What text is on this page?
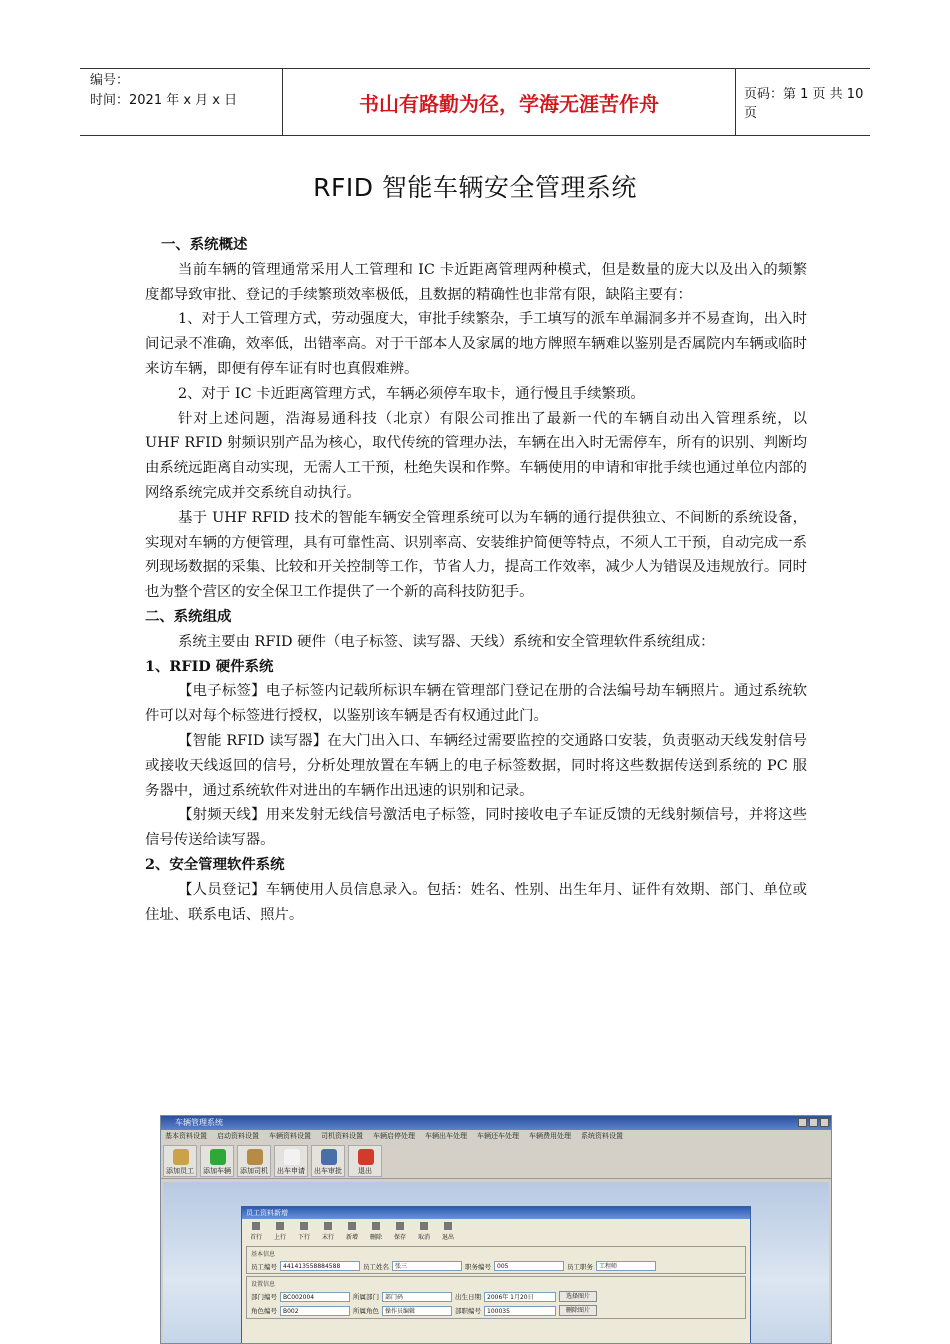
编号：
时间：2021 年 x 月 x 日	书山有路勤为径，学海无涯苦作舟	页码：第 1 页 共 10 页
RFID 智能车辆安全管理系统

一、系统概述

当前车辆的管理通常采用人工管理和 IC 卡近距离管理两种模式，但是数量的庞大以及出入的频繁度都导致审批、登记的手续繁琐效率极低，且数据的精确性也非常有限，缺陷主要有：

1、对于人工管理方式，劳动强度大，审批手续繁杂，手工填写的派车单漏洞多并不易查询，出入时间记录不准确，效率低，出错率高。对于干部本人及家属的地方牌照车辆难以鉴别是否属院内车辆或临时来访车辆，即便有停车证有时也真假难辨。

2、对于 IC 卡近距离管理方式，车辆必须停车取卡，通行慢且手续繁琐。

针对上述问题，浩海易通科技（北京）有限公司推出了最新一代的车辆自动出入管理系统，以 UHF RFID 射频识别产品为核心，取代传统的管理办法，车辆在出入时无需停车，所有的识别、判断均由系统远距离自动实现，无需人工干预，杜绝失误和作弊。车辆使用的申请和审批手续也通过单位内部的网络系统完成并交系统自动执行。

基于 UHF RFID 技术的智能车辆安全管理系统可以为车辆的通行提供独立、不间断的系统设备，实现对车辆的方便管理，具有可靠性高、识别率高、安装维护简便等特点，不须人工干预，自动完成一系列现场数据的采集、比较和开关控制等工作，节省人力，提高工作效率，减少人为错误及违规放行。同时也为整个营区的安全保卫工作提供了一个新的高科技防犯手。

二、系统组成

系统主要由 RFID 硬件（电子标签、读写器、天线）系统和安全管理软件系统组成：

1、RFID 硬件系统

【电子标签】电子标签内记载所标识车辆在管理部门登记在册的合法编号劫车辆照片。通过系统软件可以对每个标签进行授权，以鉴别该车辆是否有权通过此门。

【智能 RFID 读写器】在大门出入口、车辆经过需要监控的交通路口安装，负责驱动天线发射信号或接收天线返回的信号，分析处理放置在车辆上的电子标签数据，同时将这些数据传送到系统的 PC 服务器中，通过系统软件对进出的车辆作出迅速的识别和记录。

【射频天线】用来发射无线信号激活电子标签，同时接收电子车证反馈的无线射频信号，并将这些信号传送给读写器。

2、安全管理软件系统

【人员登记】车辆使用人员信息录入。包括：姓名、性别、出生年月、证件有效期、部门、单位或住址、联系电话、照片。

车辆管理系统
基本资料设置 启动资料设置 车辆资料设置 司机资料设置 车辆启停处理 车辆出车处理 车辆还车处理 车辆费用处理 系统资料设置
添加员工	添加车辆	添加司机	出车申请	出车审批	退出
员工资料新增
首行	上行	下行	末行	新增	删除	保存	取消	退出
基本信息
员工编号	441413558884588	员工姓名	张三	职务编号	005	员工职务	工程师
设置信息
部门编号	BC002004	所属部门	部门码	出生日期	2006年 1月20日	选择图片
角色编号	B002	所属角色	操作员编辑	部职编号	100035	删除图片
